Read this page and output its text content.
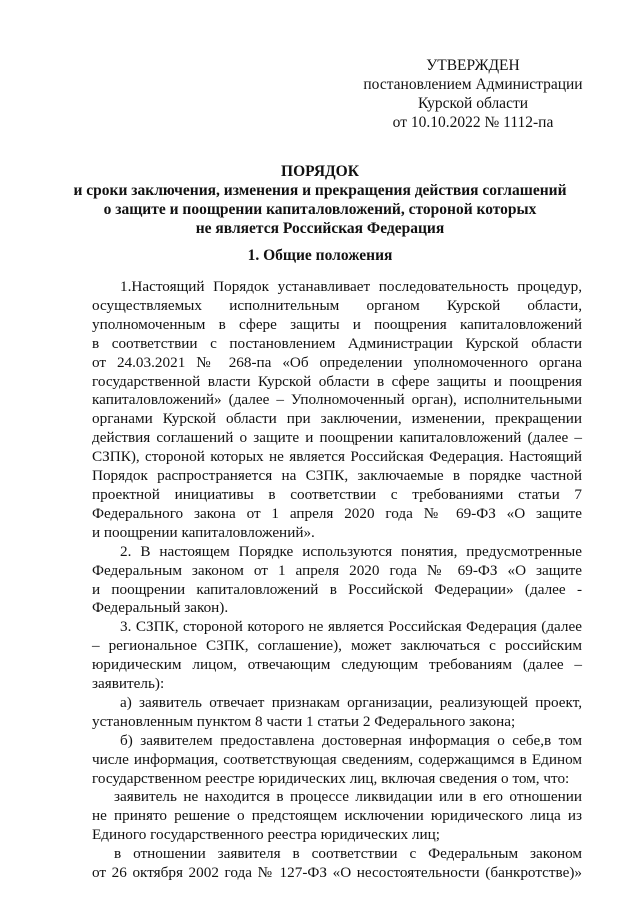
УТВЕРЖДЕН
постановлением Администрации
Курской области
от 10.10.2022 № 1112-па
ПОРЯДОК
и сроки заключения, изменения и прекращения действия соглашений
о защите и поощрении капиталовложений, стороной которых
не является Российская Федерация
1. Общие положения
1.Настоящий Порядок устанавливает последовательность процедур,
осуществляемых исполнительным органом Курской области,
уполномоченным в сфере защиты и поощрения капиталовложений
в соответствии с постановлением Администрации Курской области
от 24.03.2021 № 268-па «Об определении уполномоченного органа
государственной власти Курской области в сфере защиты и поощрения
капиталовложений» (далее – Уполномоченный орган), исполнительными
органами Курской области при заключении, изменении, прекращении
действия соглашений о защите и поощрении капиталовложений (далее –
СЗПК), стороной которых не является Российская Федерация. Настоящий
Порядок распространяется на СЗПК, заключаемые в порядке частной
проектной инициативы в соответствии с требованиями статьи 7
Федерального закона от 1 апреля 2020 года № 69-ФЗ «О защите
и поощрении капиталовложений».
2. В настоящем Порядке используются понятия, предусмотренные
Федеральным законом от 1 апреля 2020 года № 69-ФЗ «О защите
и поощрении капиталовложений в Российской Федерации» (далее -
Федеральный закон).
3. СЗПК, стороной которого не является Российская Федерация (далее
– региональное СЗПК, соглашение), может заключаться с российским
юридическим лицом, отвечающим следующим требованиям (далее –
заявитель):
а) заявитель отвечает признакам организации, реализующей проект,
установленным пунктом 8 части 1 статьи 2 Федерального закона;
б) заявителем предоставлена достоверная информация о себе,в том
числе информация, соответствующая сведениям, содержащимся в Едином
государственном реестре юридических лиц, включая сведения о том, что:
заявитель не находится в процессе ликвидации или в его отношении
не принято решение о предстоящем исключении юридического лица из
Единого государственного реестра юридических лиц;
в отношении заявителя в соответствии с Федеральным законом
от 26 октября 2002 года № 127-ФЗ «О несостоятельности (банкротстве)»
